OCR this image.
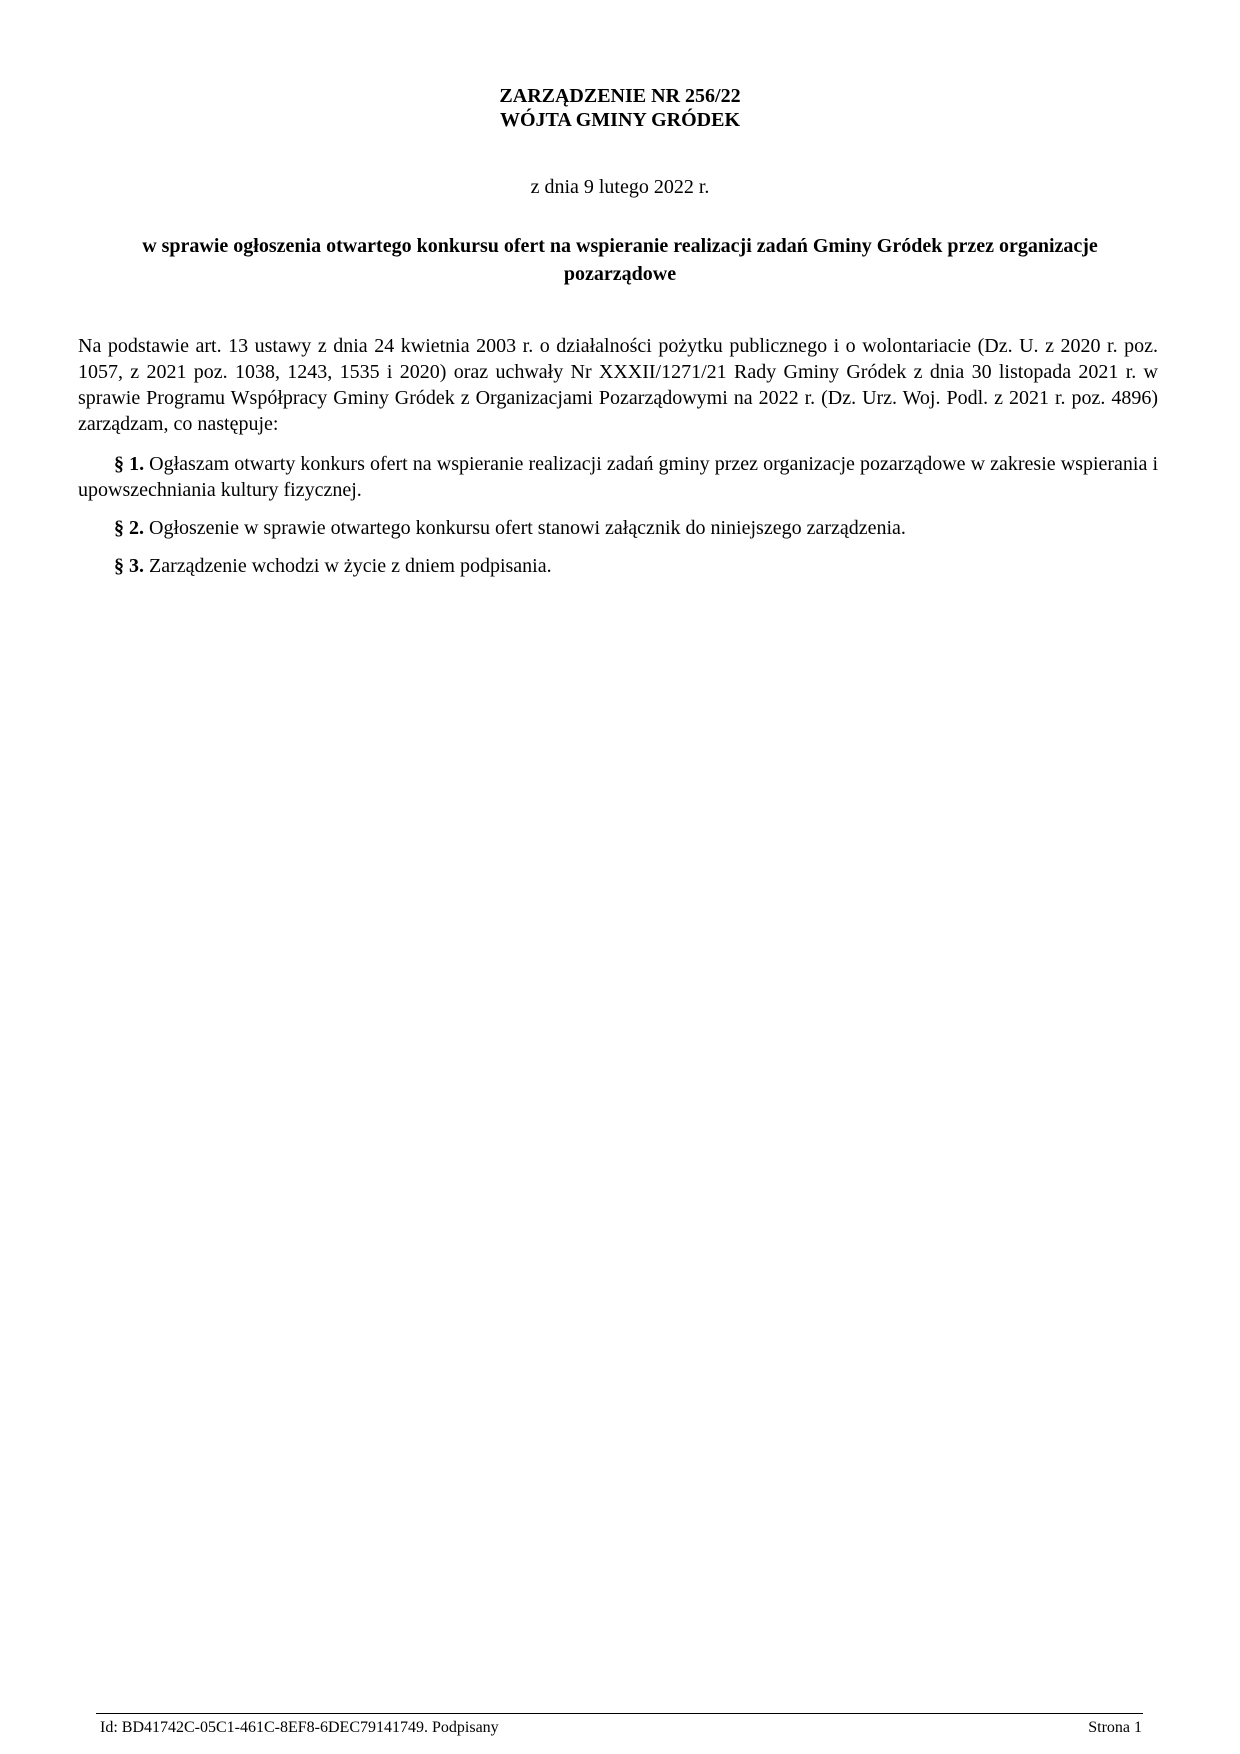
ZARZĄDZENIE NR 256/22
WÓJTA GMINY GRÓDEK
z dnia 9 lutego 2022 r.
w sprawie ogłoszenia otwartego konkursu ofert na wspieranie realizacji zadań Gminy Gródek przez organizacje pozarządowe
Na podstawie art. 13 ustawy z dnia 24 kwietnia 2003 r. o działalności pożytku publicznego i o wolontariacie (Dz. U. z 2020 r. poz. 1057, z 2021 poz. 1038, 1243, 1535 i 2020) oraz uchwały Nr XXXII/1271/21 Rady Gminy Gródek z dnia 30 listopada 2021 r. w sprawie Programu Współpracy Gminy Gródek z Organizacjami Pozarządowymi na 2022 r. (Dz. Urz. Woj. Podl. z 2021 r. poz. 4896) zarządzam, co następuje:
§ 1. Ogłaszam otwarty konkurs ofert na wspieranie realizacji zadań gminy przez organizacje pozarządowe w zakresie wspierania i upowszechniania kultury fizycznej.
§ 2. Ogłoszenie w sprawie otwartego konkursu ofert stanowi załącznik do niniejszego zarządzenia.
§ 3. Zarządzenie wchodzi w życie z dniem podpisania.
Id: BD41742C-05C1-461C-8EF8-6DEC79141749. Podpisany	Strona 1
